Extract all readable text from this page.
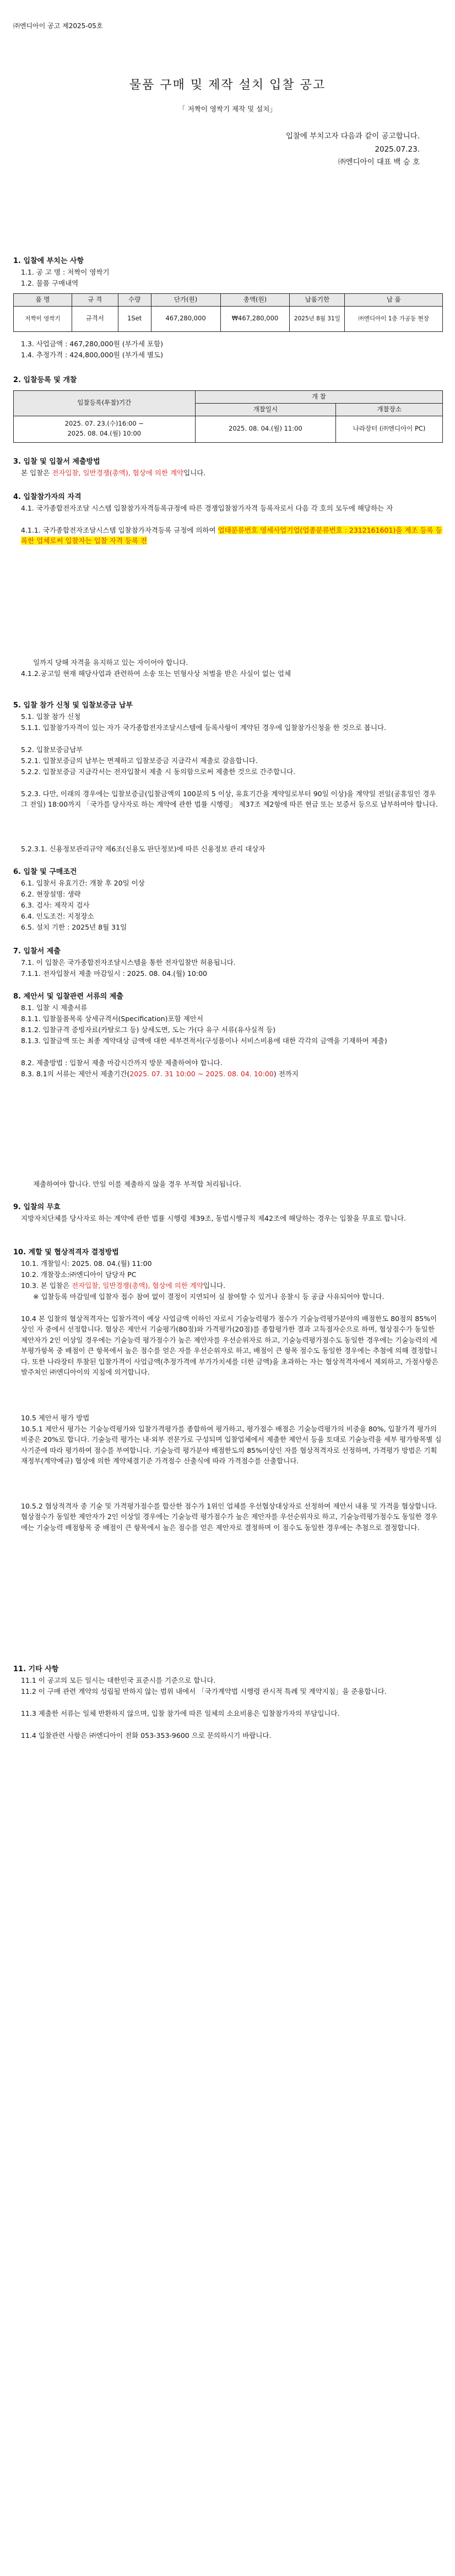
㈜엔디아이 공고 제2025-05호
물품 구매 및 제작 설치 입찰 공고
「 저짝이 영싹기 제작 및 설치」
입찰에 부치고자 다음과 같이 공고합니다.
2025.07.23.
㈜엔디아이 대표 백 승 호
1. 입찰에 부치는 사항
1.1. 공 고 명 : 저짝이 영싹기
1.2. 물품 구매내역
품 명	규 격	수량	단가(원)	총액(원)	납품기한	납 품
저짝이 영싹기	규격서	1Set	467,280,000	₩467,280,000	2025년 8월 31일	㈜엔디아이 1층 가공동 현장
1.3. 사업금액 : 467,280,000원 (부가세 포함)
1.4. 추정가격 : 424,800,000원 (부가세 별도)
2. 입찰등록 및 개찰
입찰등록(투찰)기간	개 찰	
	개찰일시	개찰장소

2025. 07. 23.(수)16:00 ~
2025. 08. 04.(월) 10:00	2025. 08. 04.(월) 11:00	나라장터 (㈜엔디아이 PC)
3. 입찰 및 입찰서 제출방법
본 입찰은 전자입찰, 일반경쟁(총액), 협상에 의한 계약입니다.
4. 입찰참가자의 자격
4.1. 국가종합전자조달 시스템 입찰참가자격등록규정에 따른 경쟁입찰참가자격 등록자로서 다음 각 호의 모두에 해당하는 자
4.1.1. 국가종합전자조달시스템 입찰참가자격등록 규정에 의하여 업태분류번호 영세사업기업(업종분류번호 : 2312161601)을 제조 등록 등록한 업체로써 입찰자는 입찰 자격 등록 전
일까지 당해 자격을 유지하고 있는 자이어야 합니다.
4.1.2.공고일 현재 해당사업과 관련하여 소송 또는 민형사상 처벌을 받은 사실이 없는 업체
5. 입찰 참가 신청 및 입찰보증금 납부
5.1. 입찰 참가 신청
5.1.1. 입찰참가자격이 있는 자가 국가종합전자조달시스템에 등록사항이 계약된 경우에 입찰참가신청을 한 것으로 봅니다.
5.2. 입찰보증금납부
5.2.1. 입찰보증금의 납부는 면제하고 입찰보증금 지급각서 제출로 갈음합니다.
5.2.2. 입찰보증금 지급각서는 전자입찰서 제출 시 동의함으로써 제출한 것으로 간주합니다.
5.2.3. 다만, 이래의 경우에는 입찰보증금(입찰금액의 100분의 5 이상, 유효기간을 계약일로부터 90일 이상)을 계약일 전일(공휴일인 경우 그 전일) 18:00까지 「국가를 당사자로 하는 계약에 관한 법률 시행령」 제37조 제2항에 따른 현금 또는 보증서 등으로 납부하여야 합니다.
5.2.3.1. 신용정보관리규약 제6조(신용도 판단정보)에 따른 신용정보 관리 대상자
6. 입찰 및 구매조건
6.1. 입찰서 유효기간: 개찰 후 20일 이상
6.2. 현장설명: 생략
6.3. 검사: 제작지 검사
6.4. 인도조건: 지정장소
6.5. 설치 기한 : 2025년 8월 31일
7. 입찰서 제출
7.1. 이 입찰은 국가종합전자조달시스템을 통한 전자입찰만 허용됩니다.
7.1.1. 전자입찰서 제출 마감일시 : 2025. 08. 04.(월) 10:00
8. 제안서 및 입찰관련 서류의 제출
8.1. 입찰 시 제출서류
8.1.1. 입찰물품목록 상세규격서(Specification)포함 제안서
8.1.2. 입찰규격 증빙자료(카탈로그 등) 상세도면, 도는 가(다 유구 서류(유사실적 등)
8.1.3. 입찰금액 또는 최종 계약대상 금액에 대한 세부견적서(구성품이나 서비스비용에 대한 각각의 금액을 기재하여 제출)
8.2. 제출방법 : 입찰서 제출 마감시간까지 방문 제출하여야 합니다.
8.3. 8.1의 서류는 제안서 제출기간(2025. 07. 31 10:00 ~ 2025. 08. 04. 10:00) 전까지
제출하여야 합니다. 만일 이를 제출하지 않을 경우 부적합 처리됩니다.
9. 입찰의 무효
지방자치단체를 당사자로 하는 계약에 관한 법률 시행령 제39조, 동법시행규칙 제42조에 해당하는 경우는 입찰을 무효로 합니다.
10. 계할 및 협상적격자 결정방법
10.1. 개찰일시: 2025. 08. 04.(월) 11:00
10.2. 개찰장소:㈜엔디아이 담당자 PC
10.3. 본 입찰은 전자입찰, 일반경쟁(총액), 협상에 의한 계약입니다.
※ 입찰등록 마감일에 입찰자 접수 참여 없이 결정이 지연되어 실 참여할 수 있거나 응찰시 등 공급 사유되어야 합니다.
10.4 본 입찰의 협상적격자는 입찰가격이 예상 사업금액 이하인 자로서 기술능력평가 점수가 기술능력평가분야의 배점한도 80점의 85%이상인 자 중에서 선정합니다. 협상은 제안서 기술평가(80점)와 가격평가(20점)를 종합평가한 결과 고득점자순으로 하며, 협상점수가 동일한 제안자가 2인 이상일 경우에는 기술능력 평가점수가 높은 제안자를 우선순위자로 하고, 기술능력평가점수도 동일한 경우에는 기술능력의 세부평가항목 중 배점이 큰 항목에서 높은 점수를 얻은 자를 우선순위자로 하고, 배점이 큰 항목 점수도 동일한 경우에는 추첨에 의해 결정합니다. 또한 나라장터 투찰된 입찰가격이 사업금액(추정가격에 부가가치세를 더한 금액)을 초과하는 자는 협상적격자에서 제외하고, 가점사항은 발주처인 ㈜엔디아이의 지침에 의거합니다.
10.5 제안서 평가 방법
10.5.1 제안서 평가는 기술능력평가와 입찰가격평가를 종합하여 평가하고, 평가점수 배점은 기술능력평가의 비중을 80%, 입찰가격 평가의 비중은 20%로 합니다. 기술능력 평가는 내·외부 전문가로 구성되며 입찰업체에서 제출한 제안서 등을 토대로 기술능력을 세부 평가항목별 심사기준에 따라 평가하여 점수를 부여합니다. 기술능력 평가분야 배점한도의 85%이상인 자를 협상적격자로 선정하며, 가격평가 방법은 기획재정부(계약예규) 협상에 의한 계약체결기준 가격점수 산출식에 따라 가격점수를 산출합니다.
10.5.2 협상적격자 중 기술 및 가격평가점수를 합산한 점수가 1위인 업체를 우선협상대상자로 선정하여 제안서 내용 및 가격을 협상합니다. 협상점수가 동일한 제안자가 2인 이상일 경우에는 기술능력 평가점수가 높은 제안자를 우선순위자로 하고, 기술능력평가점수도 동일한 경우에는 기술능력 배점항목 중 배점이 큰 항목에서 높은 점수를 얻은 제안자로 결정하며 이 점수도 동일한 경우에는 추첨으로 결정합니다.
11. 기타 사항
11.1 이 공고의 모든 일시는 대한민국 표준시를 기준으로 합니다.
11.2 이 구매 관련 계약의 성립될 반하지 않는 범위 내에서 「국가계약법 시행령 관시적 특례 및 계약지침」을 준용합니다.
11.3 제출한 서류는 일체 반환하지 않으며, 입찰 참가에 따른 일체의 소요비용은 입찰참가자의 부담입니다.
11.4 입찰관련 사항은 ㈜엔디아이 전화 053-353-9600 으로 문의하시기 바랍니다.
